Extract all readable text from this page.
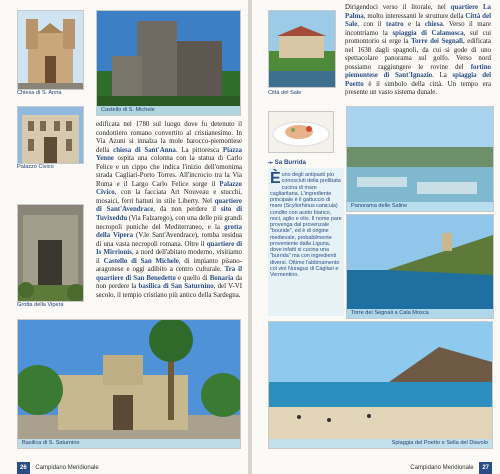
Chiesa di S. Anna
Castello di S. Michele
Palazzo Civico
Grotta della Vipera

edificata nel 1780 sul luogo dove fu detenuto il condottiero romano convertito al cristianesimo. In Via Azuni si innalza la mole barocco-piemontese della chiesa di Sant'Anna. La pittoresca Piazza Yenne ospita una colonna con la statua di Carlo Felice e un cippo che indica l'inizio dell'omonima strada Cagliari-Porto Torres. All'incrocio tra la Via Roma e il Largo Carlo Felice sorge il Palazzo Civico, con la facciata Art Nouveau e stucchi, mosaici, ferri battuti in stile Liberty. Nel quartiere di Sant'Avendrace, da non perdere il sito di Tuvixeddu (Via Falzarego), con una delle più grandi necropoli puniche del Mediterraneo, e la grotta della Vipera (V.le Sant'Avendrace), tomba residua di una vasta necropoli romana. Oltre il quartiere di Is Mirrionis, a nord dell'abitato moderno, visitiamo il Castello di San Michele, di impianto pisano-aragonese e oggi adibito a centro culturale. Tra il quartiere di San Benedetto e quello di Bonaria da non perdere la basilica di San Saturnino, del V-VI secolo, il tempio cristiano più antico della Sardegna.

Basilica di S. Saturnino
26 Campidano Meridionale
Città del Sale
⤞ Sa Burrida
Èuno degli antipasti più conosciuti della prelibata cucina di mare cagliaritana. L'ingrediente principale è il gattuccio di mare (Scyliorhinus canicula) condito con aceto bianco, noci, aglio e olio. Il nome pare provenga dal provenzale "bouride", ed è di origine medievale, probabilmente proveniente dalla Liguria, dove infatti si cucina una "burrida" ma con ingredienti diversi. Ottime l'abbinamento coi vini Nuragus di Cagliari e Vermentino.

Dirigendoci verso il litorale, nel quartiere La Palma, molto interessanti le strutture della Città del Sale, con il teatro e la chiesa. Verso il mare incontriamo la spiaggia di Calamosca, sul cui promontorio si erge la Torre dei Segnali, edificata nel 1638 dagli spagnoli, da cui si gode di uno spettacolare panorama sul golfo. Verso nord possiamo raggiungere le rovine del fortino piemontese di Sant'Ignazio. La spiaggia del Poetto è il simbolo della città. Un tempo era presente un vasto sistema dunale.

Panorama delle Saline
Torre dei Segnali a Cala Mosca
Spiaggia del Poetto e Sella del Diavolo
Campidano Meridionale 27
